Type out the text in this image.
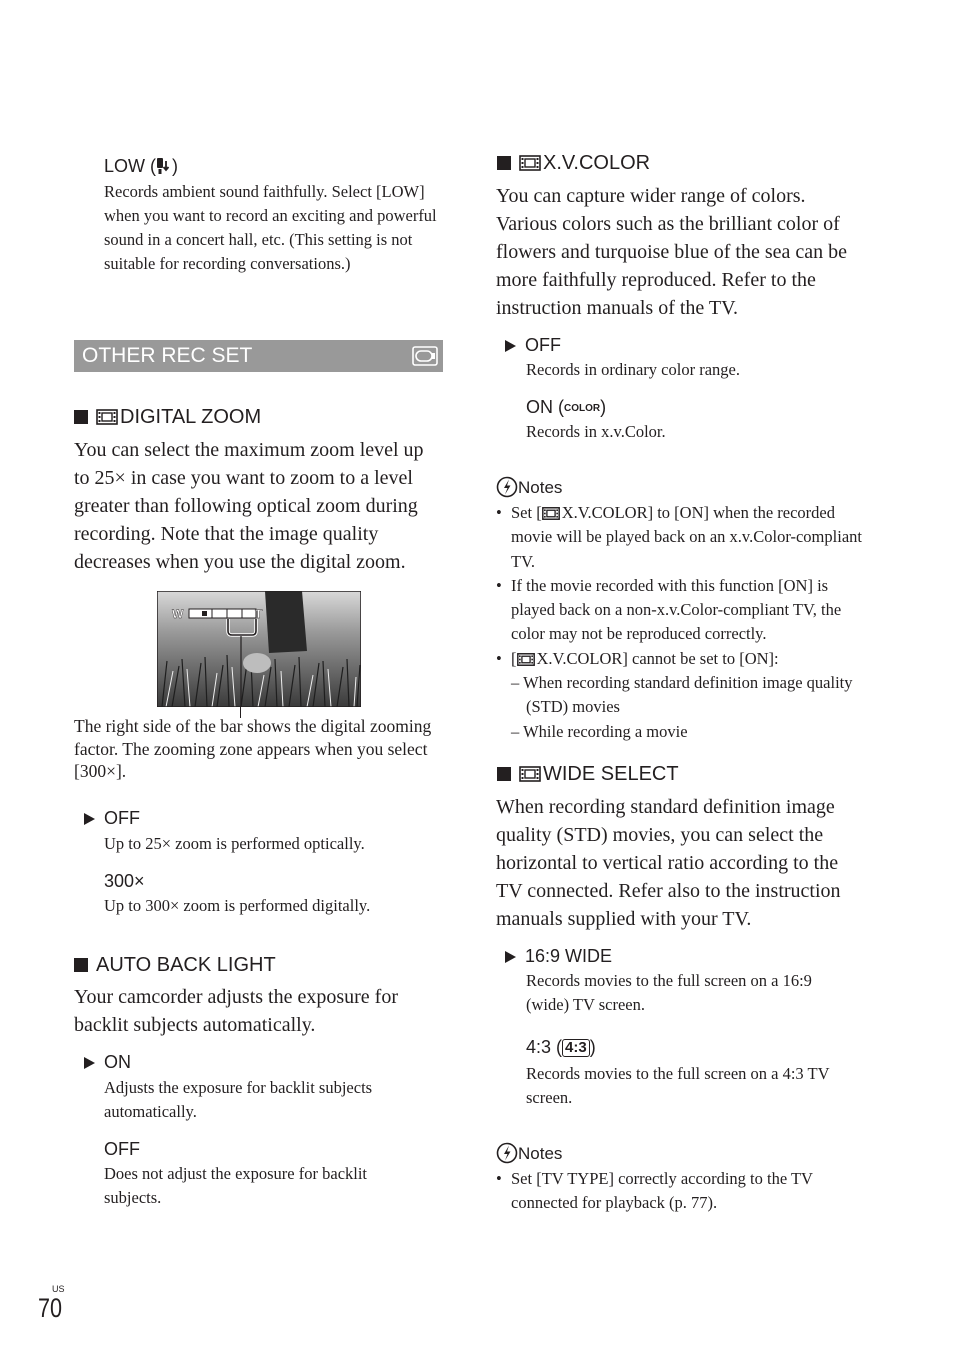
LOW ( )
Records ambient sound faithfully. Select [LOW] when you want to record an exciting and powerful sound in a concert hall, etc. (This setting is not suitable for recording conversations.)
OTHER REC SET
DIGITAL ZOOM
You can select the maximum zoom level up to 25× in case you want to zoom to a level greater than following optical zoom during recording. Note that the image quality decreases when you use the digital zoom.
W	T
The right side of the bar shows the digital zooming factor. The zooming zone appears when you select [300×].
OFF
Up to 25× zoom is performed optically.
300×
Up to 300× zoom is performed digitally.
AUTO BACK LIGHT
Your camcorder adjusts the exposure for backlit subjects automatically.
ON
Adjusts the exposure for backlit subjects automatically.
OFF
Does not adjust the exposure for backlit subjects.
X.V.COLOR
You can capture wider range of colors. Various colors such as the brilliant color of flowers and turquoise blue of the sea can be more faithfully reproduced. Refer to the instruction manuals of the TV.
OFF
Records in ordinary color range.
ON (COLOR)
Records in x.v.Color.
Notes
• Set [ X.V.COLOR] to [ON] when the recorded movie will be played back on an x.v.Color-compliant TV.
• If the movie recorded with this function [ON] is played back on a non-x.v.Color-compliant TV, the color may not be reproduced correctly.
• [ X.V.COLOR] cannot be set to [ON]:
– When recording standard definition image quality (STD) movies
– While recording a movie
WIDE SELECT
When recording standard definition image quality (STD) movies, you can select the horizontal to vertical ratio according to the TV connected. Refer also to the instruction manuals supplied with your TV.
16:9 WIDE
Records movies to the full screen on a 16:9 (wide) TV screen.
4:3 ( 4:3 )
Records movies to the full screen on a 4:3 TV screen.
Notes
• Set [TV TYPE] correctly according to the TV connected for playback (p. 77).
US
70
